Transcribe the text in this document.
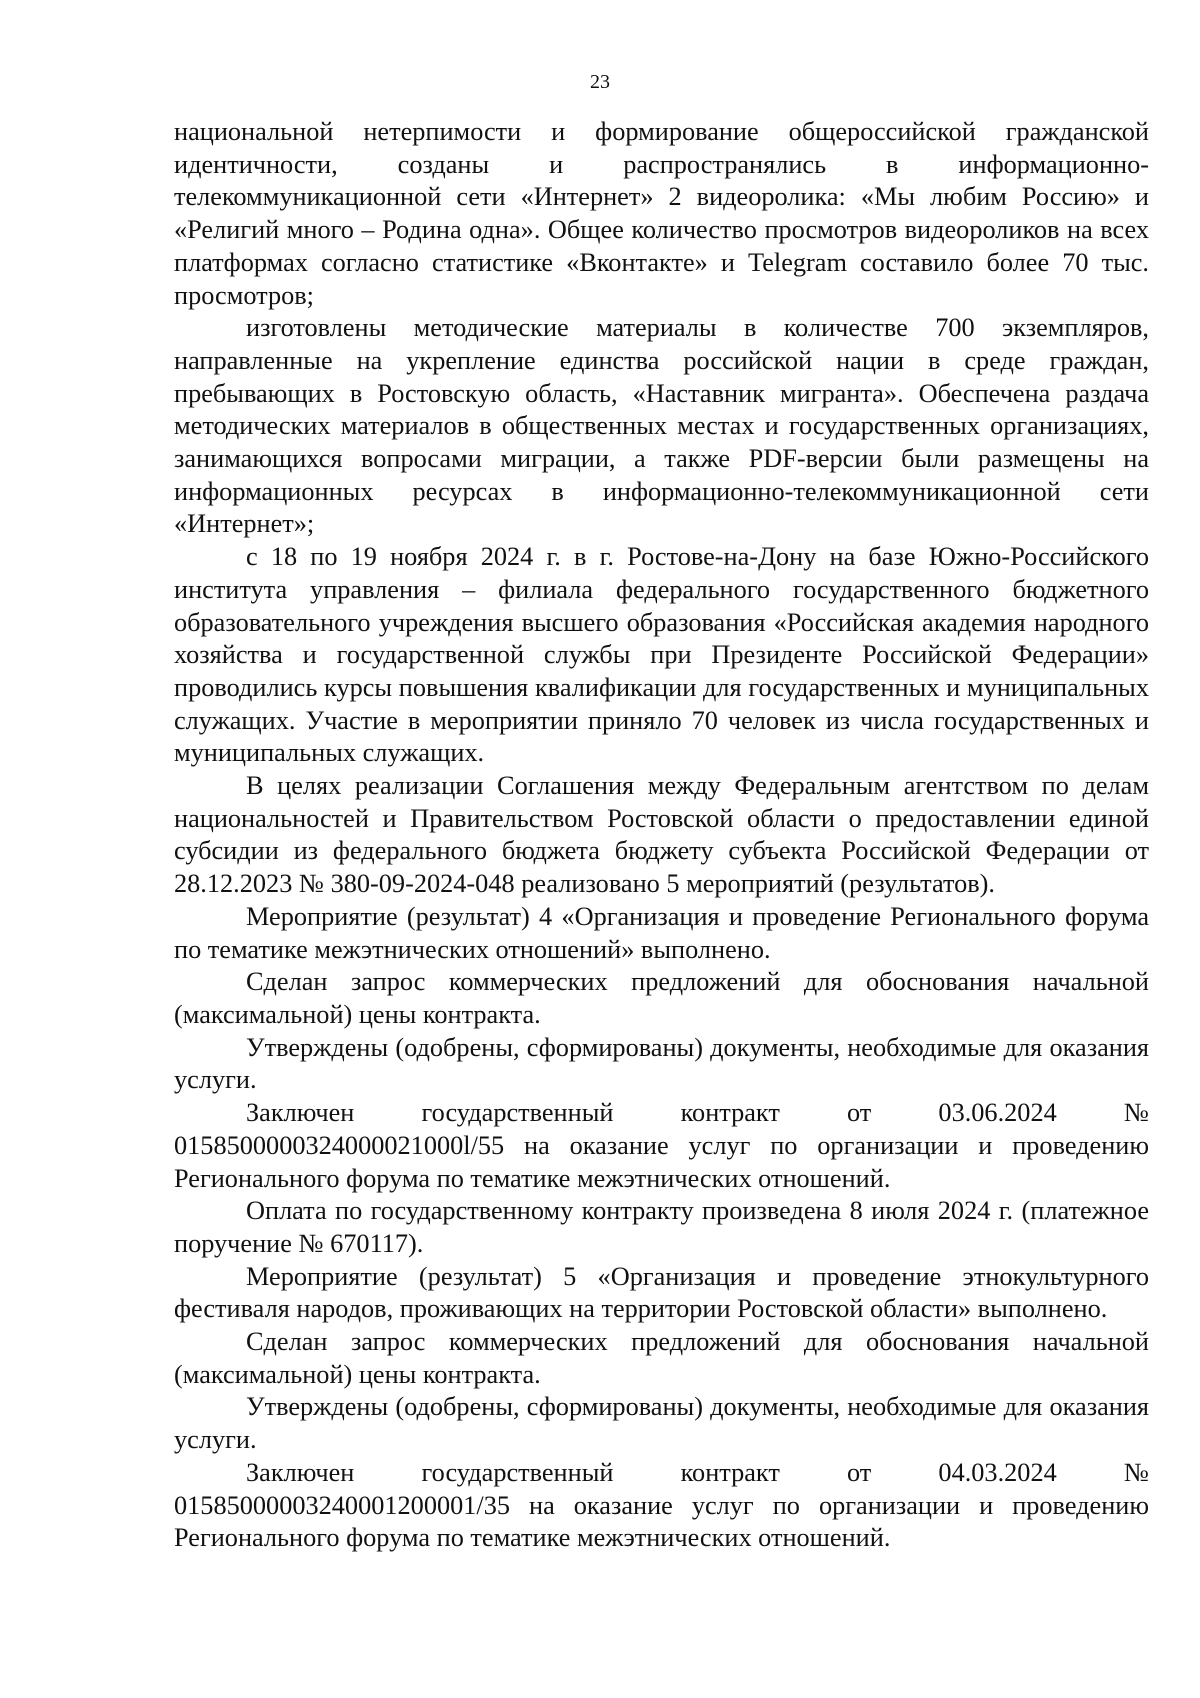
23

национальной нетерпимости и формирование общероссийской гражданской идентичности, созданы и распространялись в информационно-телекоммуникационной сети «Интернет» 2 видеоролика: «Мы любим Россию» и «Религий много – Родина одна». Общее количество просмотров видеороликов на всех платформах согласно статистике «Вконтакте» и Telegram составило более 70 тыс. просмотров;

изготовлены методические материалы в количестве 700 экземпляров, направленные на укрепление единства российской нации в среде граждан, пребывающих в Ростовскую область, «Наставник мигранта». Обеспечена раздача методических материалов в общественных местах и государственных организациях, занимающихся вопросами миграции, а также PDF-версии были размещены на информационных ресурсах в информационно-телекоммуникационной сети «Интернет»;

с 18 по 19 ноября 2024 г. в г. Ростове-на-Дону на базе Южно-Российского института управления – филиала федерального государственного бюджетного образовательного учреждения высшего образования «Российская академия народного хозяйства и государственной службы при Президенте Российской Федерации» проводились курсы повышения квалификации для государственных и муниципальных служащих. Участие в мероприятии приняло 70 человек из числа государственных и муниципальных служащих.

В целях реализации Соглашения между Федеральным агентством по делам национальностей и Правительством Ростовской области о предоставлении единой субсидии из федерального бюджета бюджету субъекта Российской Федерации от 28.12.2023 № 380-09-2024-048 реализовано 5 мероприятий (результатов).

Мероприятие (результат) 4 «Организация и проведение Регионального форума по тематике межэтнических отношений» выполнено.

Сделан запрос коммерческих предложений для обоснования начальной (максимальной) цены контракта.

Утверждены (одобрены, сформированы) документы, необходимые для оказания услуги.

Заключен государственный контракт от 03.06.2024 № 0158500000324000021000l/55 на оказание услуг по организации и проведению Регионального форума по тематике межэтнических отношений.

Оплата по государственному контракту произведена 8 июля 2024 г. (платежное поручение № 670117).

Мероприятие (результат) 5 «Организация и проведение этнокультурного фестиваля народов, проживающих на территории Ростовской области» выполнено.

Сделан запрос коммерческих предложений для обоснования начальной (максимальной) цены контракта.

Утверждены (одобрены, сформированы) документы, необходимые для оказания услуги.

Заключен государственный контракт от 04.03.2024 № 01585000003240001200001/35 на оказание услуг по организации и проведению Регионального форума по тематике межэтнических отношений.
